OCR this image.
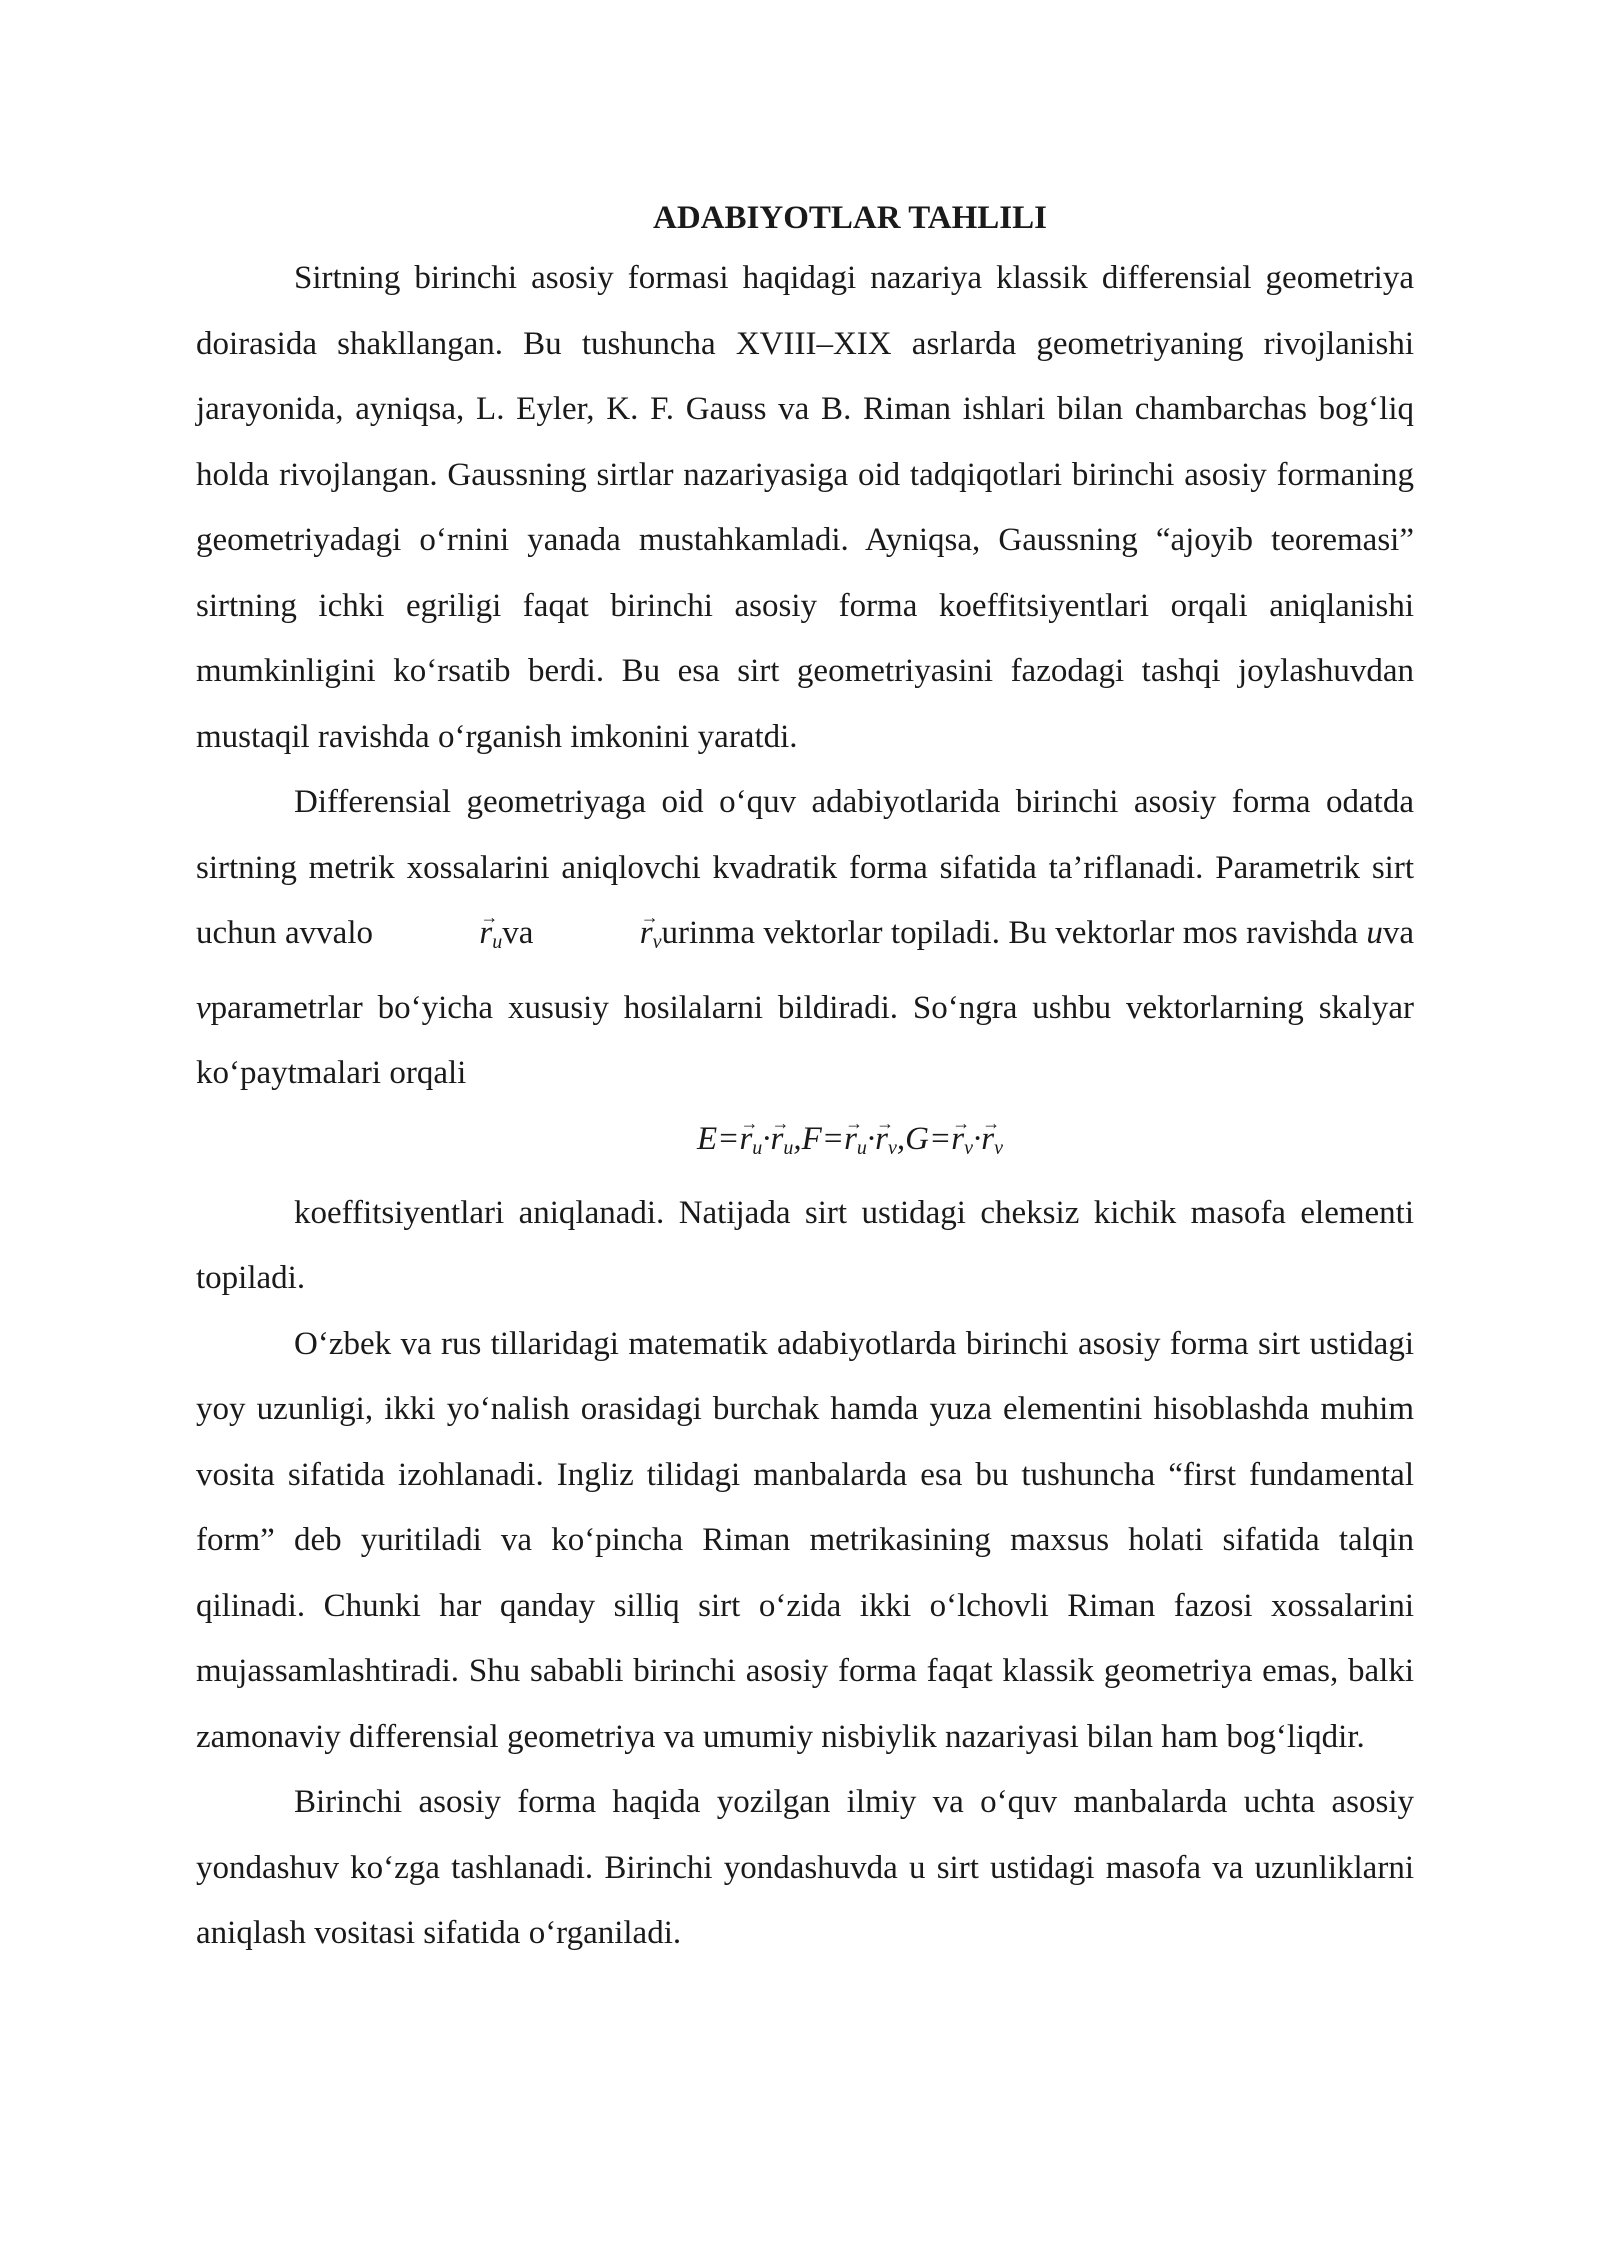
ADABIYOTLAR TAHLILI

Sirtning birinchi asosiy formasi haqidagi nazariya klassik differensial geometriya doirasida shakllangan. Bu tushuncha XVIII–XIX asrlarda geometriyaning rivojlanishi jarayonida, ayniqsa, L. Eyler, K. F. Gauss va B. Riman ishlari bilan chambarchas bog‘liq holda rivojlangan. Gaussning sirtlar nazariyasiga oid tadqiqotlari birinchi asosiy formaning geometriyadagi o‘rnini yanada mustahkamladi. Ayniqsa, Gaussning “ajoyib teoremasi” sirtning ichki egriligi faqat birinchi asosiy forma koeffitsiyentlari orqali aniqlanishi mumkinligini ko‘rsatib berdi. Bu esa sirt geometriyasini fazodagi tashqi joylashuvdan mustaqil ravishda o‘rganish imkonini yaratdi.

Differensial geometriyaga oid o‘quv adabiyotlarida birinchi asosiy forma odatda sirtning metrik xossalarini aniqlovchi kvadratik forma sifatida ta’riflanadi. Parametrik sirt uchun avvalo	→ $r_uva$	→ $r_vurinma$ vektorlar topiladi. Bu vektorlar mos ravishda uva vparametrlar bo‘yicha xususiy hosilalarni bildiradi. So‘ngra ushbu vektorlarning skalyar ko‘paytmalari orqali

$E=\to r_u\cdot\to r_u,F=\to r_u\cdot\to r_v,G=\to r_v\cdot\to r_v$

koeffitsiyentlari aniqlanadi. Natijada sirt ustidagi cheksiz kichik masofa elementi topiladi.

O‘zbek va rus tillaridagi matematik adabiyotlarda birinchi asosiy forma sirt ustidagi yoy uzunligi, ikki yo‘nalish orasidagi burchak hamda yuza elementini hisoblashda muhim vosita sifatida izohlanadi. Ingliz tilidagi manbalarda esa bu tushuncha “first fundamental form” deb yuritiladi va ko‘pincha Riman metrikasining maxsus holati sifatida talqin qilinadi. Chunki har qanday silliq sirt o‘zida ikki o‘lchovli Riman fazosi xossalarini mujassamlashtiradi. Shu sababli birinchi asosiy forma faqat klassik geometriya emas, balki zamonaviy differensial geometriya va umumiy nisbiylik nazariyasi bilan ham bog‘liqdir.

Birinchi asosiy forma haqida yozilgan ilmiy va o‘quv manbalarda uchta asosiy yondashuv ko‘zga tashlanadi. Birinchi yondashuvda u sirt ustidagi masofa va uzunliklarni aniqlash vositasi sifatida o‘rganiladi.
